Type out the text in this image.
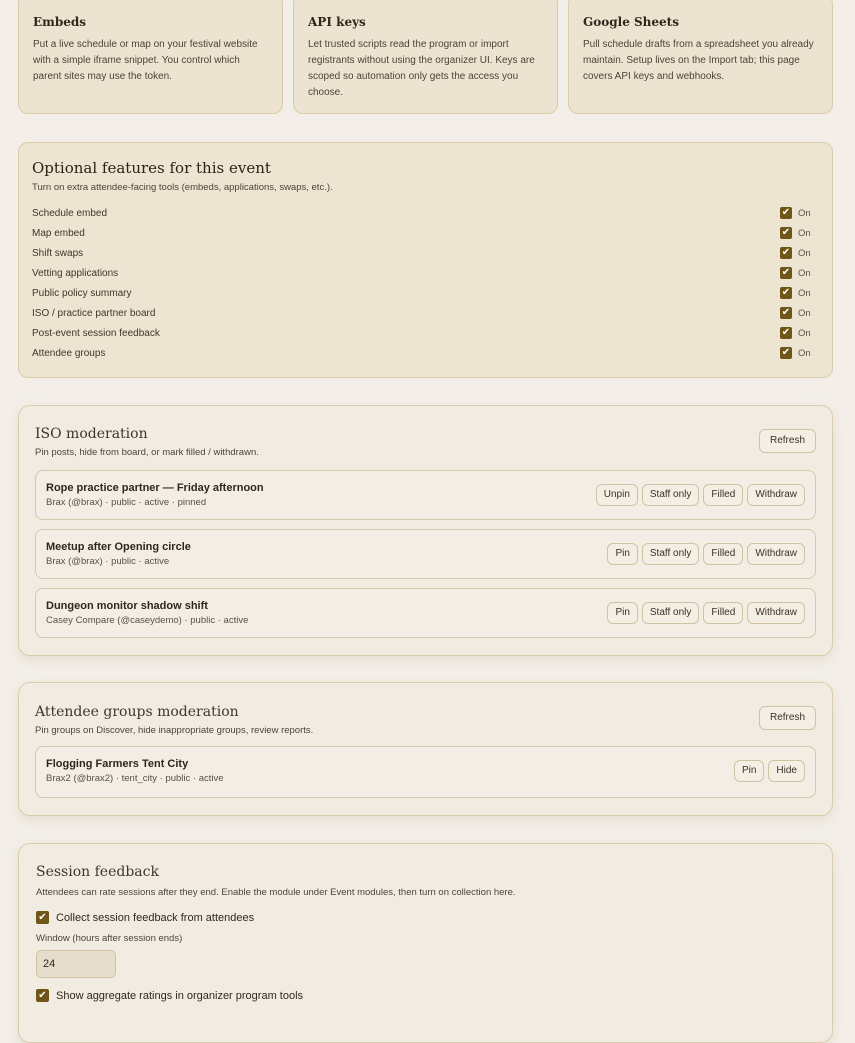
Embeds

Put a live schedule or map on your festival website with a simple iframe snippet. You control which parent sites may use the token.

API keys

Let trusted scripts read the program or import registrants without using the organizer UI. Keys are scoped so automation only gets the access you choose.

Google Sheets

Pull schedule drafts from a spreadsheet you already maintain. Setup lives on the Import tab; this page covers API keys and webhooks.

Optional features for this event
Turn on extra attendee-facing tools (embeds, applications, swaps, etc.).
Schedule embed	✔ On
Map embed	✔ On
Shift swaps	✔ On
Vetting applications	✔ On
Public policy summary	✔ On
ISO / practice partner board	✔ On
Post-event session feedback	✔ On
Attendee groups	✔ On
ISO moderation
Pin posts, hide from board, or mark filled / withdrawn.
Refresh
Rope practice partner — Friday afternoon
Brax (@brax) · public · active · pinned
Unpin	Staff only	Filled	Withdraw
Meetup after Opening circle
Brax (@brax) · public · active
Pin	Staff only	Filled	Withdraw
Dungeon monitor shadow shift
Casey Compare (@caseydemo) · public · active
Pin	Staff only	Filled	Withdraw
Attendee groups moderation
Pin groups on Discover, hide inappropriate groups, review reports.
Refresh
Flogging Farmers Tent City
Brax2 (@brax2) · tent_city · public · active
Pin	Hide
Session feedback
Attendees can rate sessions after they end. Enable the module under Event modules, then turn on collection here.
✔ Collect session feedback from attendees
Window (hours after session ends)
24
✔ Show aggregate ratings in organizer program tools
